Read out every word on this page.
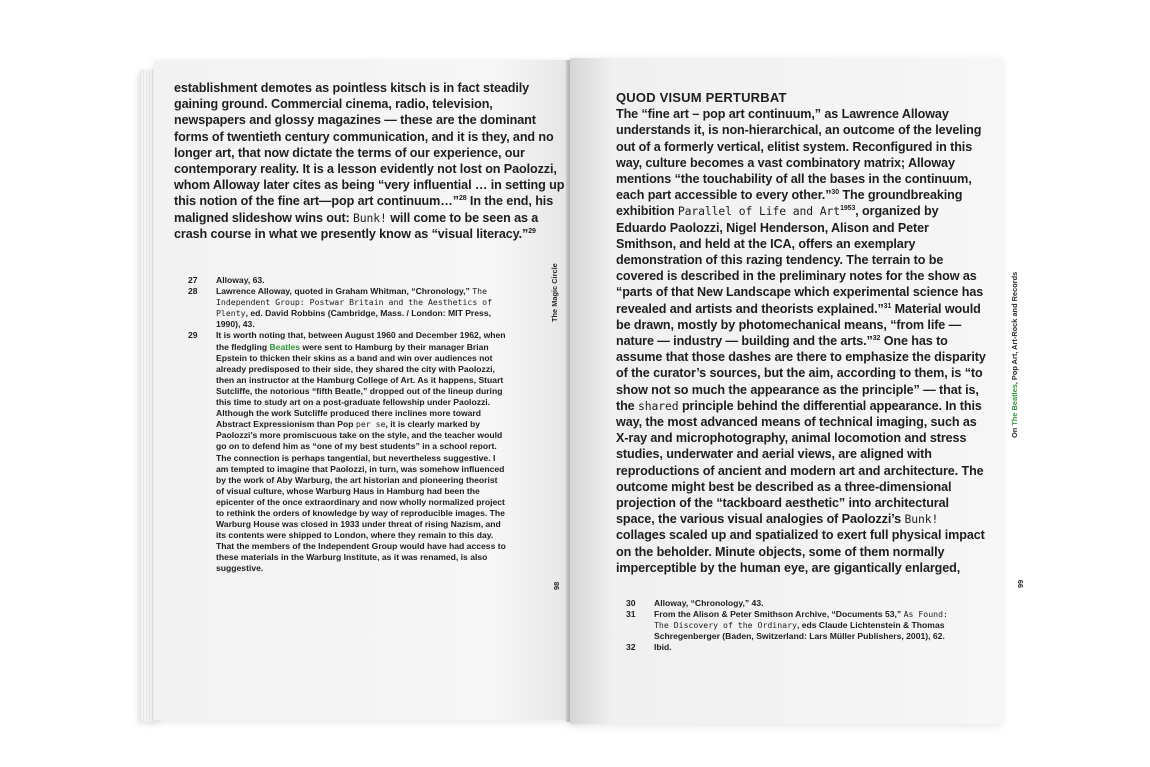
establishment demotes as pointless kitsch is in fact steadily gaining ground. Commercial cinema, radio, television, newspapers and glossy magazines — these are the dominant forms of twentieth century communication, and it is they, and no longer art, that now dictate the terms of our experience, our contemporary reality. It is a lesson evidently not lost on Paolozzi, whom Alloway later cites as being “very influential … in setting up this notion of the fine art—pop art continuum…”$^{28}$ In the end, his maligned slideshow wins out: Bunk! will come to be seen as a crash course in what we presently know as “visual literacy.”$^{29}$

27	Alloway, 63.
28	Lawrence Alloway, quoted in Graham Whitman, “Chronology,” The Independent Group: Postwar Britain and the Aesthetics of Plenty, ed. David Robbins (Cambridge, Mass. / London: MIT Press, 1990), 43.
29	It is worth noting that, between August 1960 and December 1962, when the fledgling Beatles were sent to Hamburg by their manager Brian Epstein to thicken their skins as a band and win over audiences not already predisposed to their side, they shared the city with Paolozzi, then an instructor at the Hamburg College of Art. As it happens, Stuart Sutcliffe, the notorious “fifth Beatle,” dropped out of the lineup during this time to study art on a post-graduate fellowship under Paolozzi. Although the work Sutcliffe produced there inclines more toward Abstract Expressionism than Pop per se, it is clearly marked by Paolozzi’s more promiscuous take on the style, and the teacher would go on to defend him as “one of my best students” in a school report. The connection is perhaps tangential, but nevertheless suggestive. I am tempted to imagine that Paolozzi, in turn, was somehow influenced by the work of Aby Warburg, the art historian and pioneering theorist of visual culture, whose Warburg Haus in Hamburg had been the epicenter of the once extraordinary and now wholly normalized project to rethink the orders of knowledge by way of reproducible images. The Warburg House was closed in 1933 under threat of rising Nazism, and its contents were shipped to London, where they remain to this day. That the members of the Independent Group would have had access to these materials in the Warburg Institute, as it was renamed, is also suggestive.
The Magic Circle
98
On The Beatles, Pop Art, Art-Rock and Records
99

QUOD VISUM PERTURBAT
The “fine art – pop art continuum,” as Lawrence Alloway understands it, is non-hierarchical, an outcome of the leveling out of a formerly vertical, elitist system. Reconfigured in this way, culture becomes a vast combinatory matrix; Alloway mentions “the touchability of all the bases in the continuum, each part accessible to every other.”$^{30}$ The groundbreaking exhibition Parallel of Life and Art$^{1953}$, organized by Eduardo Paolozzi, Nigel Henderson, Alison and Peter Smithson, and held at the ICA, offers an exemplary demonstration of this razing tendency. The terrain to be covered is described in the preliminary notes for the show as “parts of that New Landscape which experimental science has revealed and artists and theorists explained.”$^{31}$ Material would be drawn, mostly by photomechanical means, “from life — nature — industry — building and the arts.”$^{32}$ One has to assume that those dashes are there to emphasize the disparity of the curator’s sources, but the aim, according to them, is “to show not so much the appearance as the principle” — that is, the shared principle behind the differential appearance. In this way, the most advanced means of technical imaging, such as X-ray and microphotography, animal locomotion and stress studies, underwater and aerial views, are aligned with reproductions of ancient and modern art and architecture. The outcome might best be described as a three-dimensional projection of the “tackboard aesthetic” into architectural space, the various visual analogies of Paolozzi’s Bunk! collages scaled up and spatialized to exert full physical impact on the beholder. Minute objects, some of them normally imperceptible by the human eye, are gigantically enlarged,

30	Alloway, “Chronology,” 43.
31	From the Alison & Peter Smithson Archive, “Documents 53,” As Found: The Discovery of the Ordinary, eds Claude Lichtenstein & Thomas Schregenberger (Baden, Switzerland: Lars Müller Publishers, 2001), 62.
32	Ibid.
